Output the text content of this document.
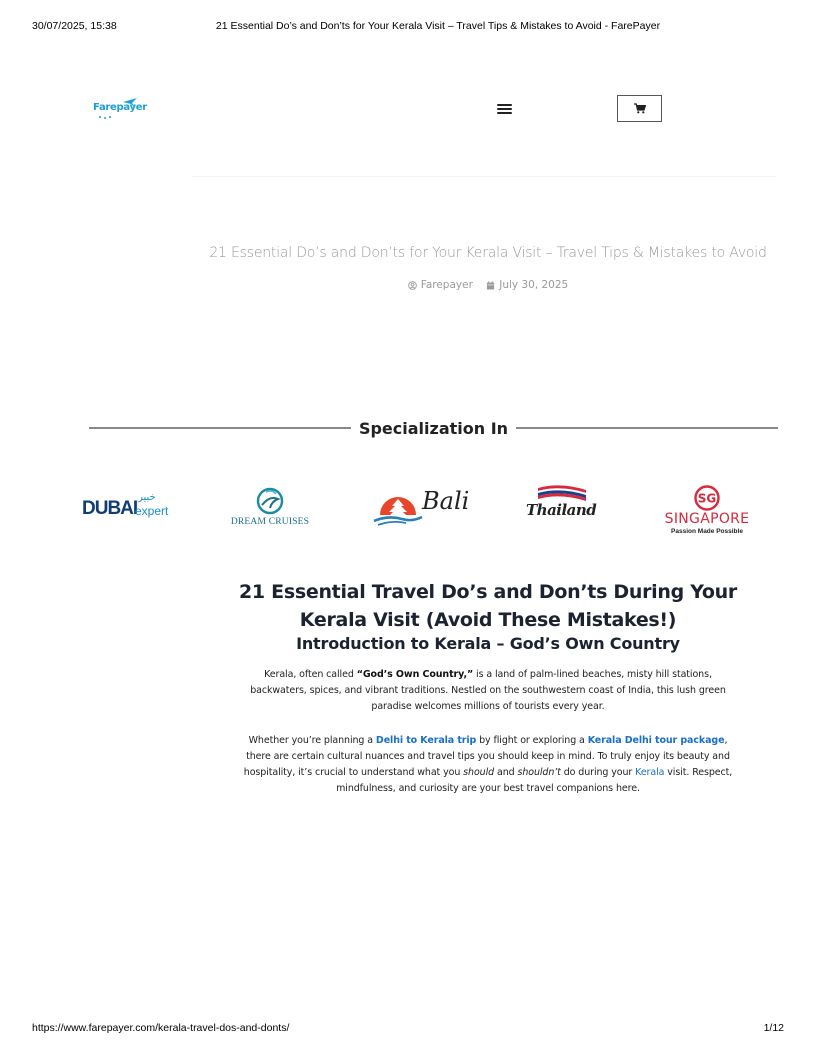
30/07/2025, 15:38	21 Essential Do’s and Don’ts for Your Kerala Visit – Travel Tips & Mistakes to Avoid - FarePayer
Farepayer
21 Essential Do’s and Don’ts for Your Kerala Visit – Travel Tips & Mistakes to Avoid
Farepayer
	July 30, 2025
Specialization In
DUBAI
خبير
expert
DREAM CRUISES
Bali	Thailand
SG
SINGAPORE
Passion Made Possible
21 Essential Travel Do’s and Don’ts During Your Kerala Visit (Avoid These Mistakes!)
Introduction to Kerala – God’s Own Country

Kerala, often called “God’s Own Country,” is a land of palm-lined beaches, misty hill stations, backwaters, spices, and vibrant traditions. Nestled on the southwestern coast of India, this lush green paradise welcomes millions of tourists every year.

Whether you’re planning a Delhi to Kerala trip by flight or exploring a Kerala Delhi tour package, there are certain cultural nuances and travel tips you should keep in mind. To truly enjoy its beauty and hospitality, it’s crucial to understand what you should and shouldn’t do during your Kerala visit. Respect, mindfulness, and curiosity are your best travel companions here.

https://www.farepayer.com/kerala-travel-dos-and-donts/	1/12
